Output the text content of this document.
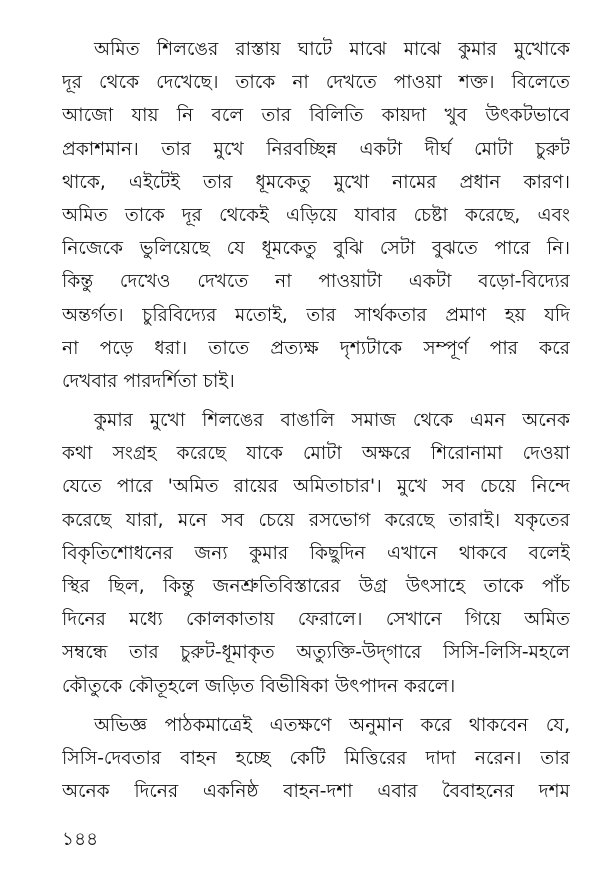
অমিত শিলঙের রাস্তায় ঘাটে মাঝে মাঝে কুমার মুখোকে
দূর থেকে দেখেছে। তাকে না দেখতে পাওয়া শক্ত। বিলেতে
আজো যায় নি বলে তার বিলিতি কায়দা খুব উৎকটভাবে
প্রকাশমান। তার মুখে নিরবচ্ছিন্ন একটা দীর্ঘ মোটা চুরুট
থাকে, এইটেই তার ধূমকেতু মুখো নামের প্রধান কারণ।
অমিত তাকে দূর থেকেই এড়িয়ে যাবার চেষ্টা করেছে, এবং
নিজেকে ভুলিয়েছে যে ধূমকেতু বুঝি সেটা বুঝতে পারে নি।
কিন্তু দেখেও দেখতে না পাওয়াটা একটা বড়ো-বিদ্যের
অন্তর্গত। চুরিবিদ্যের মতোই, তার সার্থকতার প্রমাণ হয় যদি
না পড়ে ধরা। তাতে প্রত্যক্ষ দৃশ্যটাকে সম্পূর্ণ পার করে
দেখবার পারদর্শিতা চাই।
কুমার মুখো শিলঙের বাঙালি সমাজ থেকে এমন অনেক
কথা সংগ্রহ করেছে যাকে মোটা অক্ষরে শিরোনামা দেওয়া
যেতে পারে 'অমিত রায়ের অমিতাচার'। মুখে সব চেয়ে নিন্দে
করেছে যারা, মনে সব চেয়ে রসভোগ করেছে তারাই। যকৃতের
বিকৃতিশোধনের জন্য কুমার কিছুদিন এখানে থাকবে বলেই
স্থির ছিল, কিন্তু জনশ্রুতিবিস্তারের উগ্র উৎসাহে তাকে পাঁচ
দিনের মধ্যে কোলকাতায় ফেরালে। সেখানে গিয়ে অমিত
সম্বন্ধে তার চুরুট-ধূমাকৃত অত্যুক্তি-উদ্‌গারে সিসি-লিসি-মহলে
কৌতুকে কৌতূহলে জড়িত বিভীষিকা উৎপাদন করলে।
অভিজ্ঞ পাঠকমাত্রেই এতক্ষণে অনুমান করে থাকবেন যে,
সিসি-দেবতার বাহন হচ্ছে কেটি মিত্তিরের দাদা নরেন। তার
অনেক দিনের একনিষ্ঠ বাহন-দশা এবার বৈবাহনের দশম
১৪৪
